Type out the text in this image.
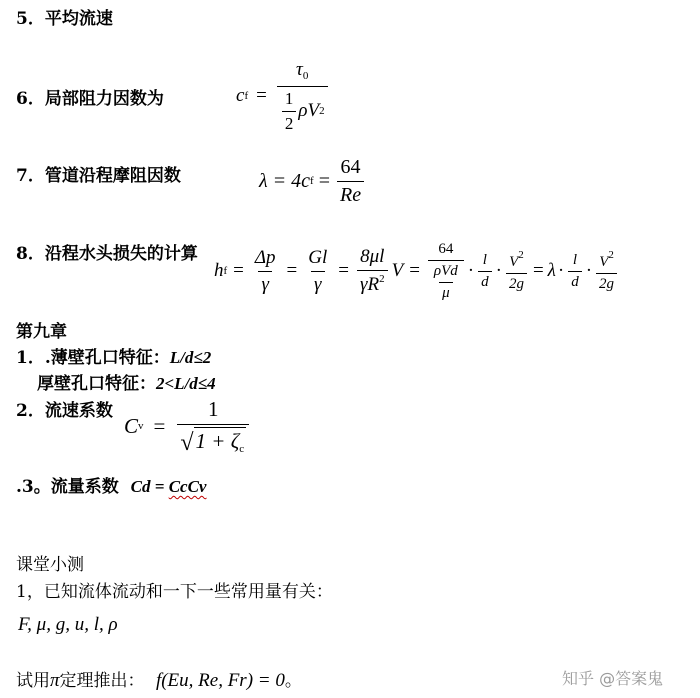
5．平均流速
6．局部阻力因数为	c $f = \frac{\tau_0}{\frac{1}{2} \rho V 2}$
7．管道沿程摩阻因数	λ = 4c $f = \frac{64}{Re}$
8．沿程水头损失的计算
h $f = \frac{\Delta p}{\gamma} = \frac{Gl}{\gamma} = \frac{8\mu l}{\gamma R^2}$ $V = \frac{64}{\frac{\text{ρVd}}{\mu}} \cdot \frac{l}{d} \cdot \frac{V^2}{2g} = \lambda \cdot \frac{l}{d} \cdot \frac{V^2}{2g}$
第九章
1．.薄壁孔口特征：L/d≤2
厚壁孔口特征：2<L/d≤4
2．流速系数
C $v = \frac{1}{√ 1 + \zeta_c}$
.3。流量系数 Cd = CcCv
课堂小测
1，已知流体流动和一下一些常用量有关：
F, μ, g, u, l, ρ
试用π定理推出： f(Eu, Re, Fr) = 0。	知乎 @答案鬼
